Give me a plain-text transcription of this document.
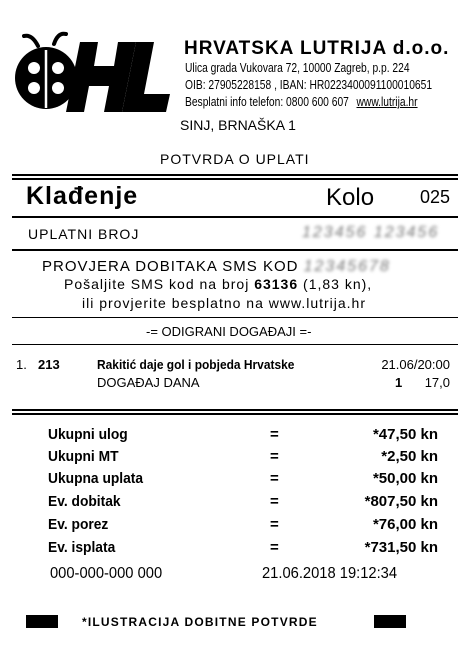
HRVATSKA LUTRIJA d.o.o.
Ulica grada Vukovara 72, 10000 Zagreb, p.p. 224
OIB: 27905228158 , IBAN: HR0223400091100010651
Besplatni info telefon: 0800 600 607 www.lutrija.hr
SINJ, BRNAŠKA 1
POTVRDA O UPLATI
Klađenje	Kolo	025
UPLATNI BROJ	123456 123456
PROVJERA DOBITAKA SMS KOD 12345678
Pošaljite SMS kod na broj 63136 (1,83 kn),
ili provjerite besplatno na www.lutrija.hr
-= ODIGRANI DOGAĐAJI =-
1. 213	Rakitić daje gol i pobjeda Hrvatske	21.06/20:00
DOGAĐAJ DANA	1 17,0
Ukupni ulog	=	*47,50 kn
Ukupni MT	=	*2,50 kn
Ukupna uplata	=	*50,00 kn
Ev. dobitak	=	*807,50 kn
Ev. porez	=	*76,00 kn
Ev. isplata	=	*731,50 kn
000-000-000 000	21.06.2018 19:12:34
*ILUSTRACIJA DOBITNE POTVRDE
